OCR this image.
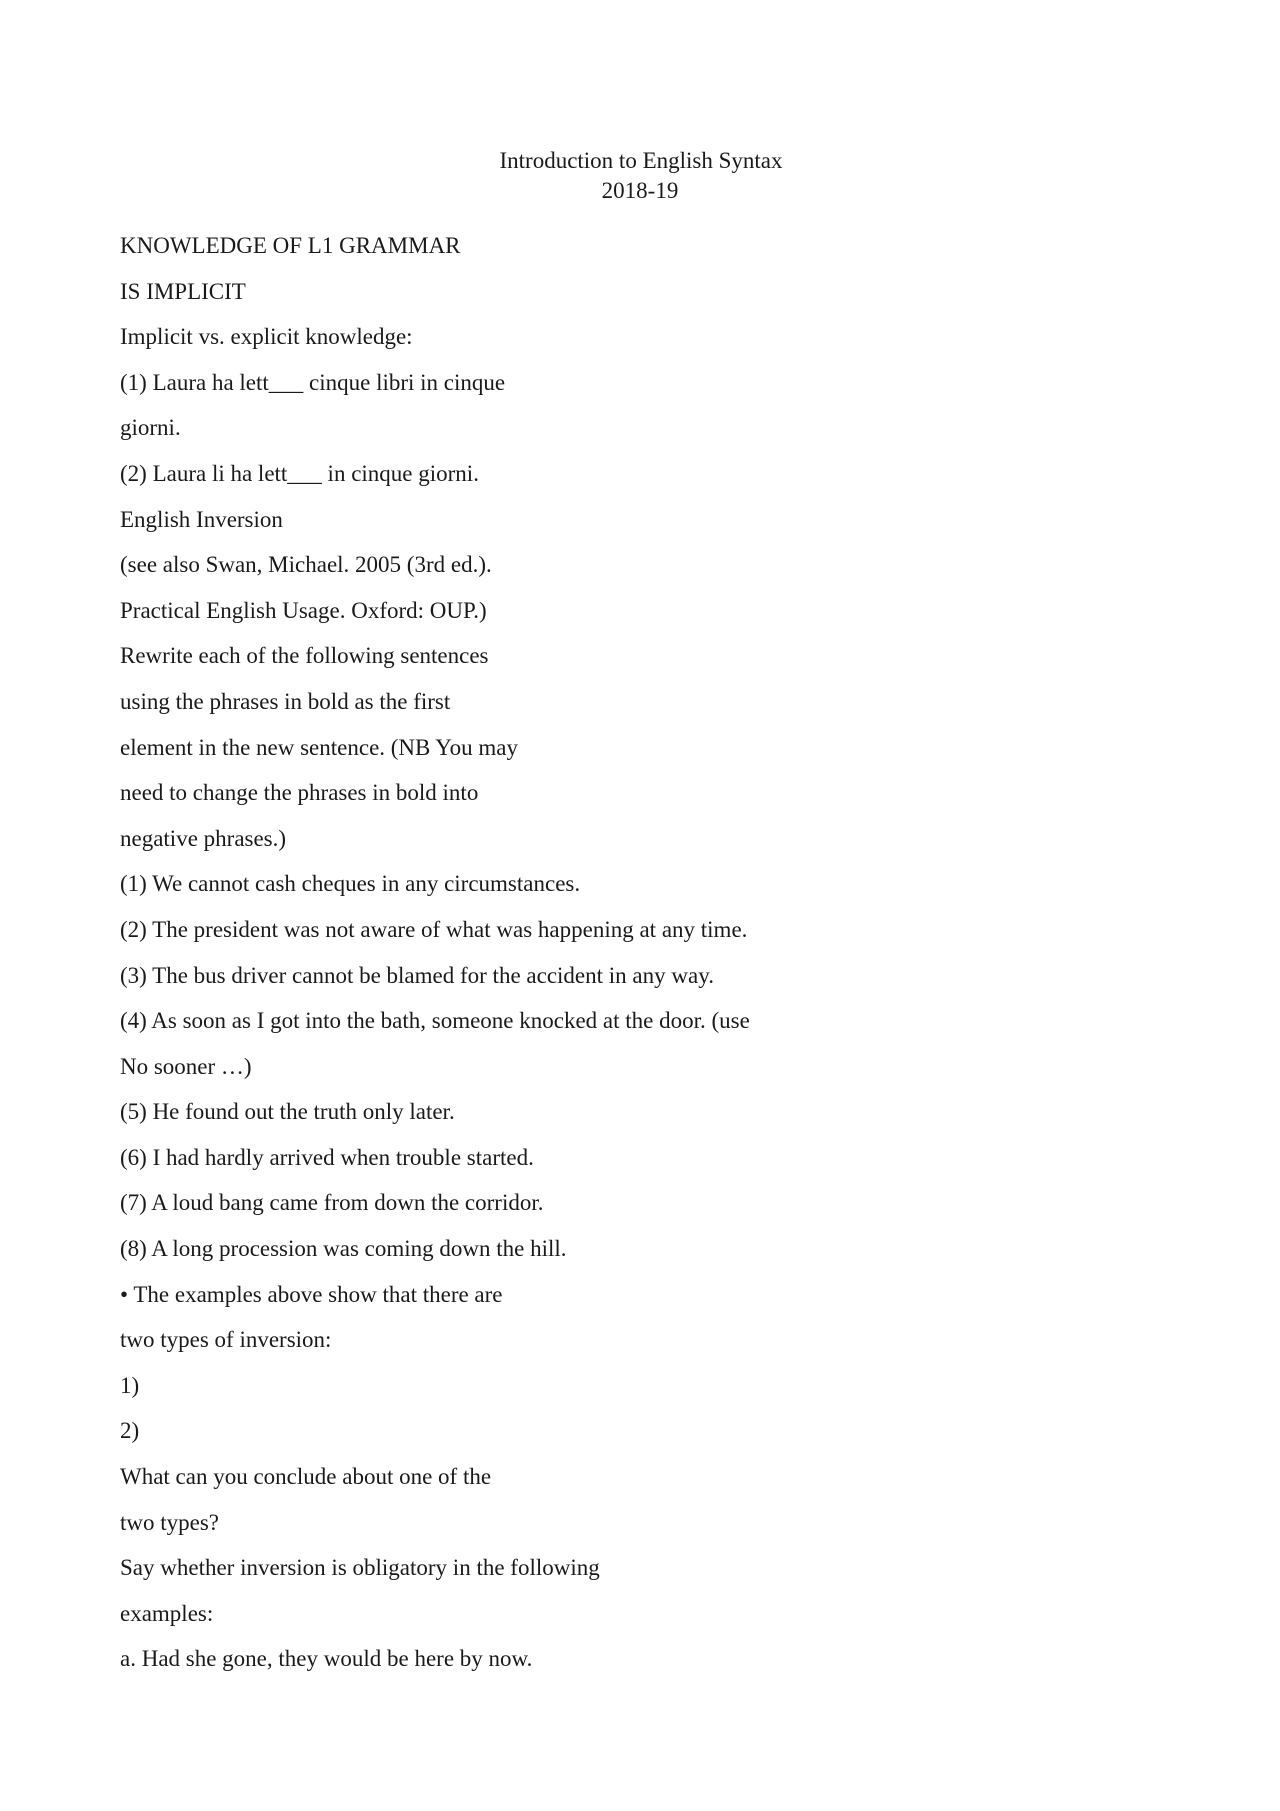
Introduction to English Syntax
2018-19
KNOWLEDGE OF L1 GRAMMAR
IS IMPLICIT
Implicit vs. explicit knowledge:
(1) Laura ha lett___ cinque libri in cinque
giorni.
(2) Laura li ha lett___ in cinque giorni.
English Inversion
(see also Swan, Michael. 2005 (3rd ed.).
Practical English Usage. Oxford: OUP.)
Rewrite each of the following sentences
using the phrases in bold as the first
element in the new sentence. (NB You may
need to change the phrases in bold into
negative phrases.)
(1) We cannot cash cheques in any circumstances.
(2) The president was not aware of what was happening at any time.
(3) The bus driver cannot be blamed for the accident in any way.
(4) As soon as I got into the bath, someone knocked at the door. (use
No sooner …)
(5) He found out the truth only later.
(6) I had hardly arrived when trouble started.
(7) A loud bang came from down the corridor.
(8) A long procession was coming down the hill.
• The examples above show that there are
two types of inversion:
1)
2)
What can you conclude about one of the
two types?
Say whether inversion is obligatory in the following
examples:
a. Had she gone, they would be here by now.
